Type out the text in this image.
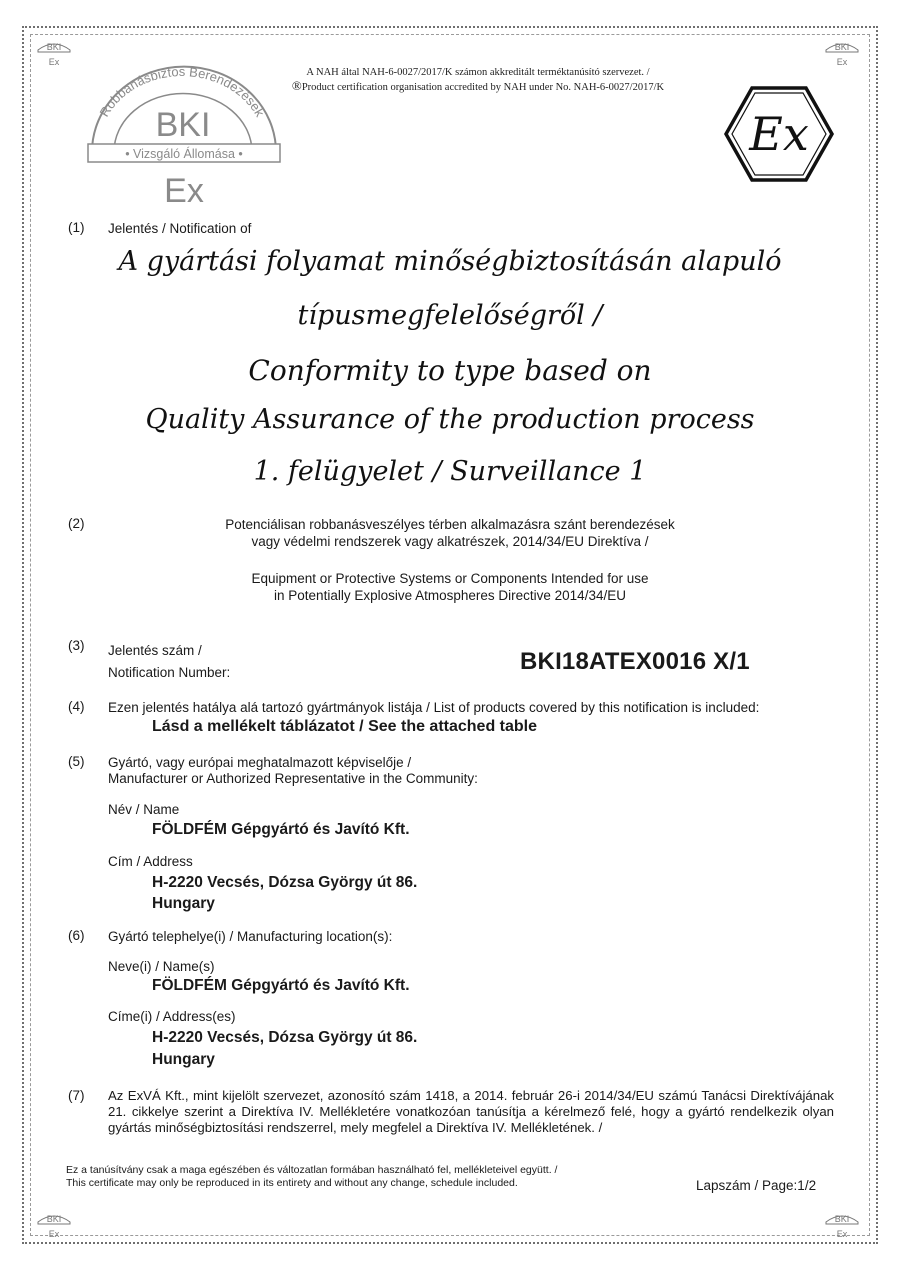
BKI
Ex
BKI
Ex
BKI
Ex
BKI
Ex
A NAH által NAH-6-0027/2017/K számon akkreditált terméktanúsító szervezet. /
®Product certification organisation accredited by NAH under No. NAH-6-0027/2017/K
Robbanásbiztos Berendezések
BKI
• Vizsgáló Állomása •
Ex
Ex
(1) Jelentés / Notification of
A gyártási folyamat minőségbiztosításán alapuló
típusmegfelelőségről /
Conformity to type based on
Quality Assurance of the production process
1. felügyelet / Surveillance 1
(2)	Potenciálisan robbanásveszélyes térben alkalmazásra szánt berendezések
vagy védelmi rendszerek vagy alkatrészek, 2014/34/EU Direktíva /
Equipment or Protective Systems or Components Intended for use
in Potentially Explosive Atmospheres Directive 2014/34/EU
(3) Jelentés szám /
Notification Number:	BKI18ATEX0016 X/1
(4) Ezen jelentés hatálya alá tartozó gyártmányok listája / List of products covered by this notification is included:
Lásd a mellékelt táblázatot / See the attached table
(5) Gyártó, vagy európai meghatalmazott képviselője /
Manufacturer or Authorized Representative in the Community:
Név / Name
FÖLDFÉM Gépgyártó és Javító Kft.
Cím / Address
H-2220 Vecsés, Dózsa György út 86.
Hungary
(6) Gyártó telephelye(i) / Manufacturing location(s):
Neve(i) / Name(s)
FÖLDFÉM Gépgyártó és Javító Kft.
Címe(i) / Address(es)
H-2220 Vecsés, Dózsa György út 86.
Hungary
(7) Az ExVÁ Kft., mint kijelölt szervezet, azonosító szám 1418, a 2014. február 26-i 2014/34/EU számú Tanácsi Direktívájának 21. cikkelye szerint a Direktíva IV. Mellékletére vonatkozóan tanúsítja a kérelmező felé, hogy a gyártó rendelkezik olyan gyártás minőségbiztosítási rendszerrel, mely megfelel a Direktíva IV. Mellékletének. /
Ez a tanúsítvány csak a maga egészében és változatlan formában használható fel, mellékleteivel együtt. /
This certificate may only be reproduced in its entirety and without any change, schedule included.	Lapszám / Page:1/2
